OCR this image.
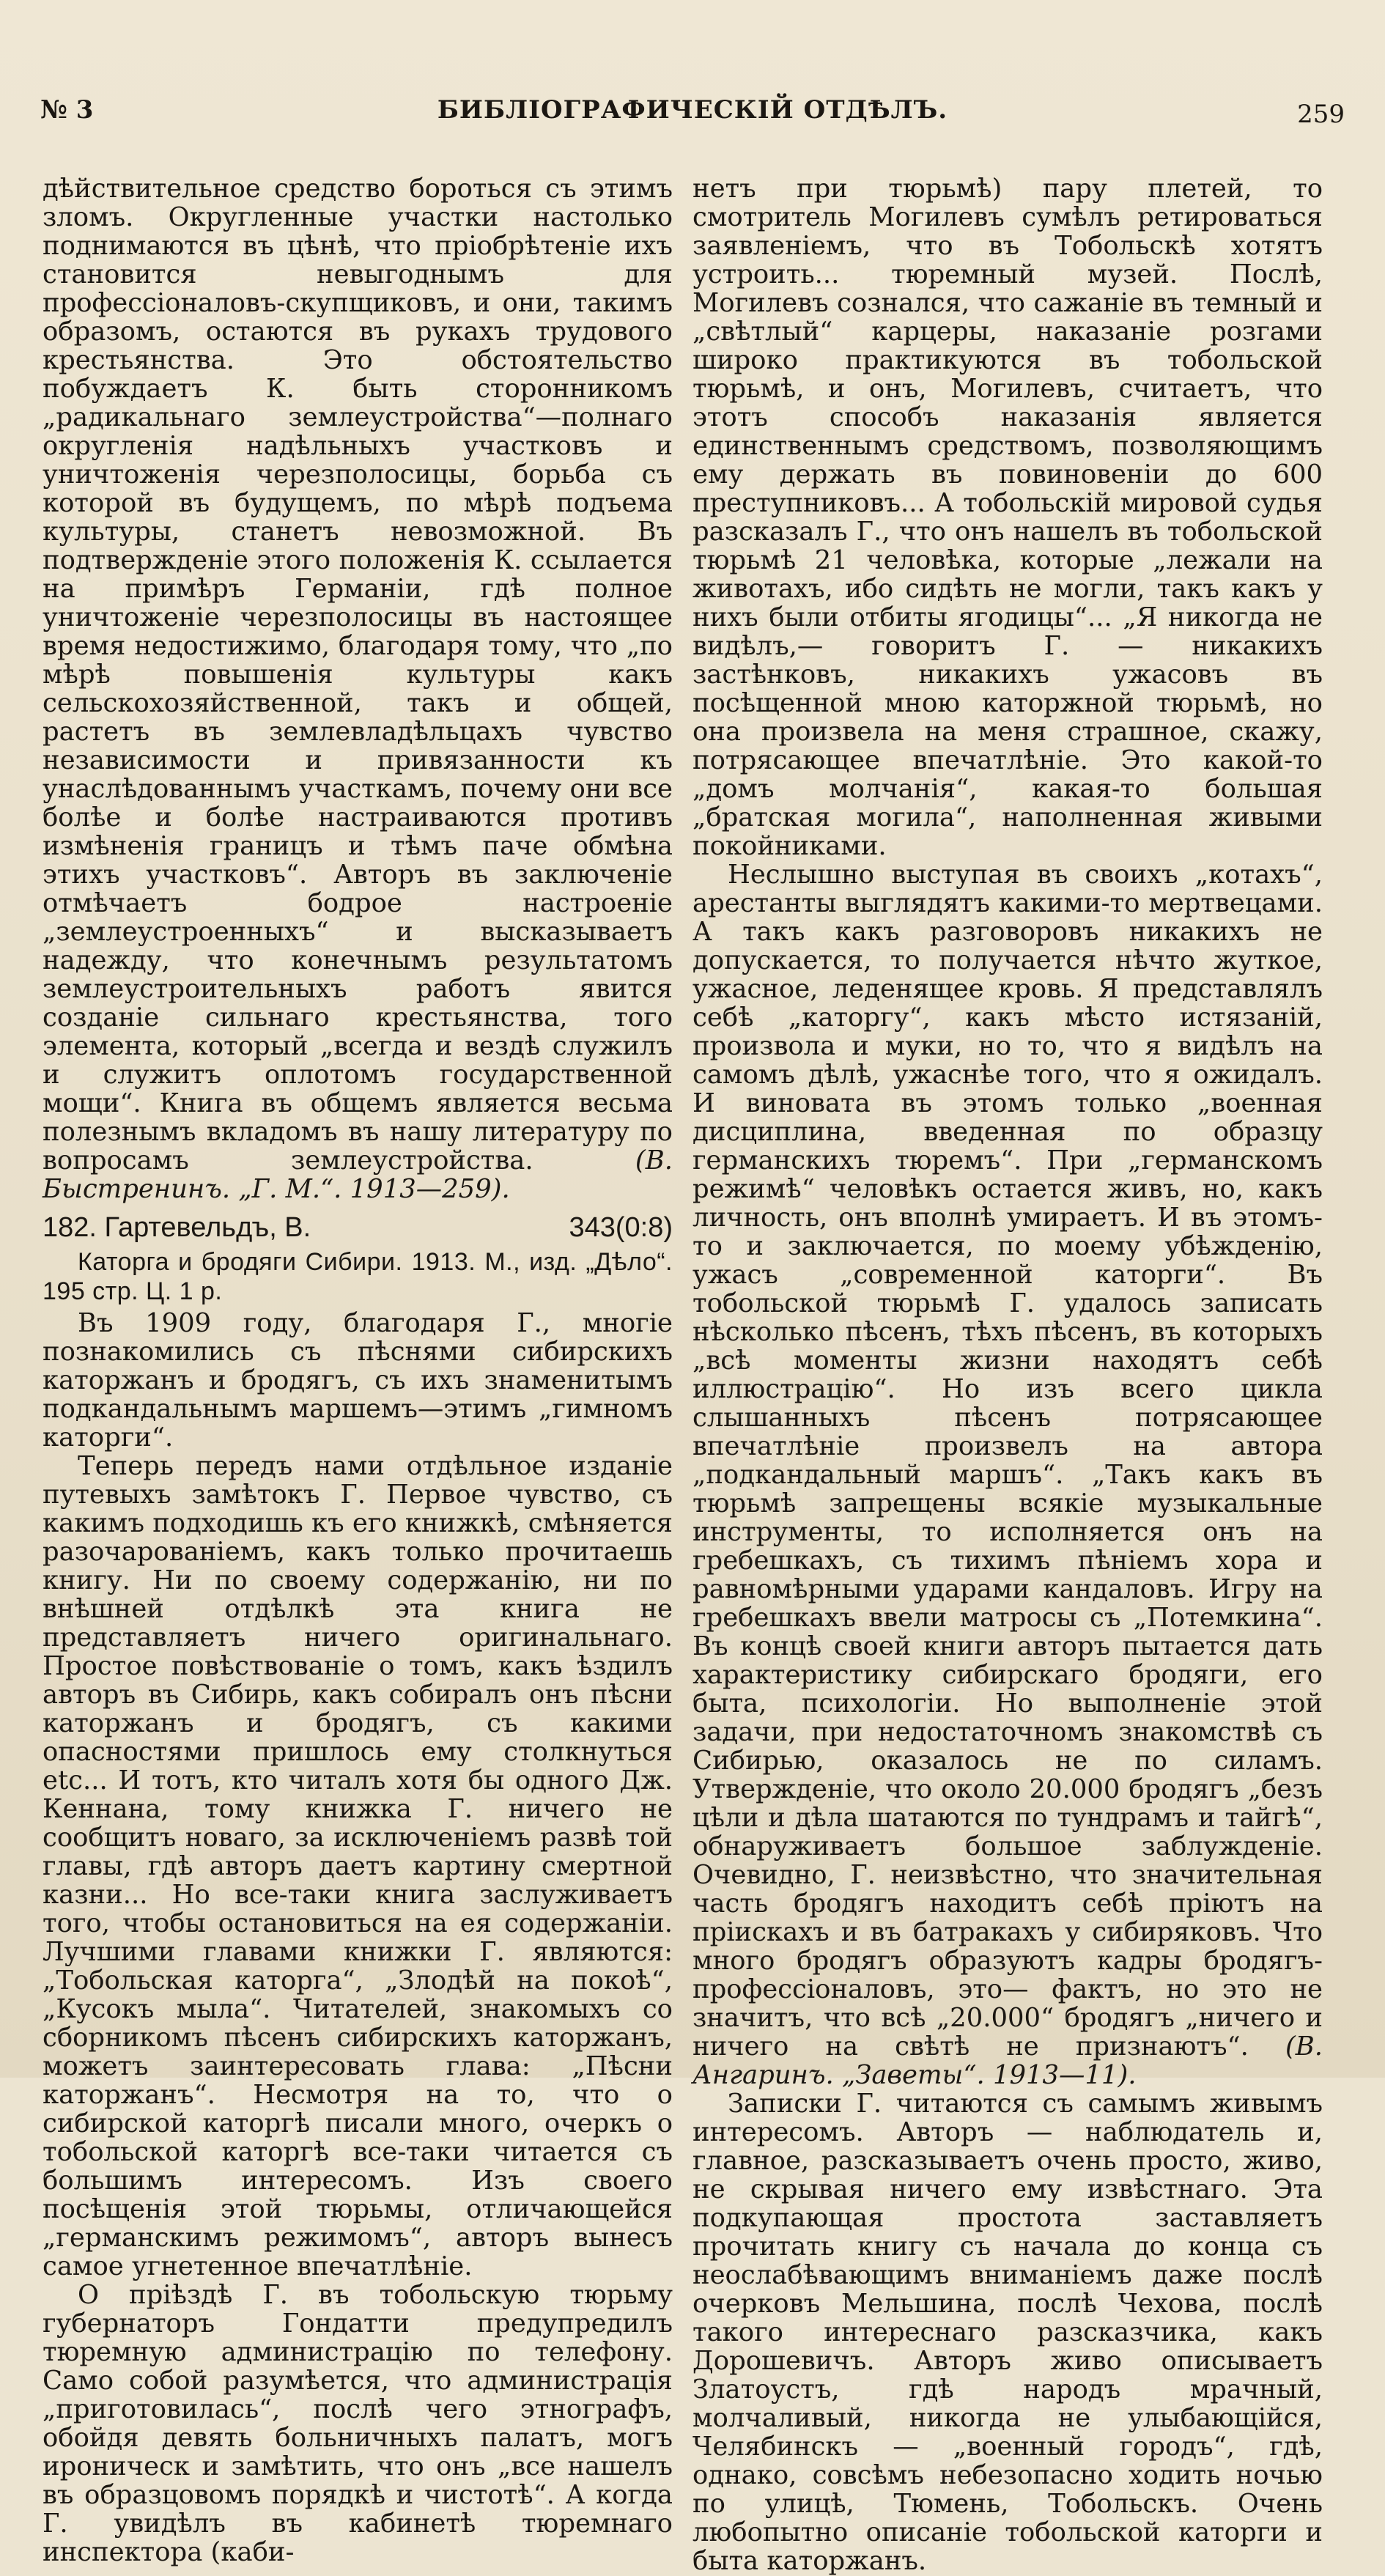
№ 3	БИБЛІОГРАФИЧЕСКІЙ ОТДѢЛЪ.	259

дѣйствительное средство бороться съ этимъ зломъ. Округленные участки настолько поднимаются въ цѣнѣ, что пріобрѣтеніе ихъ становится невыгоднымъ для профессіоналовъ-скупщиковъ, и они, такимъ образомъ, остаются въ рукахъ трудового крестьянства. Это обстоятельство побуждаетъ К. быть сторонникомъ „радикальнаго землеустройства“—полнаго округленія надѣльныхъ участковъ и уничтоженія черезполосицы, борьба съ которой въ будущемъ, по мѣрѣ подъема культуры, станетъ невозможной. Въ подтвержденіе этого положенія К. ссылается на примѣръ Германіи, гдѣ полное уничтоженіе черезполосицы въ настоящее время недостижимо, благодаря тому, что „по мѣрѣ повышенія культуры какъ сельскохозяйственной, такъ и общей, растетъ въ землевладѣльцахъ чувство независимости и привязанности къ унаслѣдованнымъ участкамъ, почему они все болѣе и болѣе настраиваются противъ измѣненія границъ и тѣмъ паче обмѣна этихъ участковъ“. Авторъ въ заключеніе отмѣчаетъ бодрое настроеніе „землеустроенныхъ“ и высказываетъ надежду, что конечнымъ результатомъ землеустроительныхъ работъ явится созданіе сильнаго крестьянства, того элемента, который „всегда и вездѣ служилъ и служитъ оплотомъ государственной мощи“. Книга въ общемъ является весьма полезнымъ вкладомъ въ нашу литературу по вопросамъ землеустройства.	(В. Быстренинъ. „Г. М.“. 1913—259).

182. Гартевельдъ, В.	343(0:8)
Каторга и бродяги Сибири. 1913. М., изд. „Дѣло“. 195 стр. Ц. 1 р.

Въ 1909 году, благодаря Г., многіе познакомились съ пѣснями сибирскихъ каторжанъ и бродягъ, съ ихъ знаменитымъ подкандальнымъ маршемъ—этимъ „гимномъ каторги“.

Теперь передъ нами отдѣльное изданіе путевыхъ замѣтокъ Г. Первое чувство, съ какимъ подходишь къ его книжкѣ, смѣняется разочарованіемъ, какъ только прочитаешь книгу. Ни по своему содержанію, ни по внѣшней отдѣлкѣ эта книга не представляетъ ничего оригинальнаго. Простое повѣствованіе о томъ, какъ ѣздилъ авторъ въ Сибирь, какъ собиралъ онъ пѣсни каторжанъ и бродягъ, съ какими опасностями пришлось ему столкнуться etc... И тотъ, кто читалъ хотя бы одного Дж. Кеннана, тому книжка Г. ничего не сообщитъ новаго, за исключеніемъ развѣ той главы, гдѣ авторъ даетъ картину смертной казни... Но все-таки книга заслуживаетъ того, чтобы остановиться на ея содержаніи. Лучшими главами книжки Г. являются: „Тобольская каторга“, „Злодѣй на покоѣ“, „Кусокъ мыла“. Читателей, знакомыхъ со сборникомъ пѣсенъ сибирскихъ каторжанъ, можетъ заинтересовать глава: „Пѣсни каторжанъ“. Несмотря на то, что о сибирской каторгѣ писали много, очеркъ о тобольской каторгѣ все-таки читается съ большимъ интересомъ. Изъ своего посѣщенія этой тюрьмы, отличающейся „германскимъ режимомъ“, авторъ вынесъ самое угнетенное впечатлѣніе.

О пріѣздѣ Г. въ тобольскую тюрьму губернаторъ Гондатти предупредилъ тюремную администрацію по телефону. Само собой разумѣется, что администрація „приготовилась“, послѣ чего этнографъ, обойдя девять больничныхъ палатъ, могъ ироническ и замѣтить, что онъ „все нашелъ въ образцовомъ порядкѣ и чистотѣ“. А когда Г. увидѣлъ въ кабинетѣ тюремнаго инспектора (каби-

нетъ при тюрьмѣ) пару плетей, то смотритель Могилевъ сумѣлъ ретироваться заявленіемъ, что въ Тобольскѣ хотятъ устроить... тюремный музей. Послѣ, Могилевъ сознался, что сажаніе въ темный и „свѣтлый“ карцеры, наказаніе розгами широко практикуются въ тобольской тюрьмѣ, и онъ, Могилевъ, считаетъ, что этотъ способъ наказанія является единственнымъ средствомъ, позволяющимъ ему держать въ повиновеніи до 600 преступниковъ... А тобольскій мировой судья разсказалъ Г., что онъ нашелъ въ тобольской тюрьмѣ 21 человѣка, которые „лежали на животахъ, ибо сидѣть не могли, такъ какъ у нихъ были отбиты ягодицы“... „Я никогда не видѣлъ,— говоритъ Г. — никакихъ застѣнковъ, никакихъ ужасовъ въ посѣщенной мною каторжной тюрьмѣ, но она произвела на меня страшное, скажу, потрясающее впечатлѣніе. Это какой-то „домъ молчанія“, какая-то большая „братская могила“, наполненная живыми покойниками.

Неслышно выступая въ своихъ „котахъ“, арестанты выглядятъ какими-то мертвецами. А такъ какъ разговоровъ никакихъ не допускается, то получается нѣчто жуткое, ужасное, леденящее кровь. Я представлялъ себѣ „каторгу“, какъ мѣсто истязаній, произвола и муки, но то, что я видѣлъ на самомъ дѣлѣ, ужаснѣе того, что я ожидалъ. И виновата въ этомъ только „военная дисциплина, введенная по образцу германскихъ тюремъ“. При „германскомъ режимѣ“ человѣкъ остается живъ, но, какъ личность, онъ вполнѣ умираетъ. И въ этомъ-то и заключается, по моему убѣжденію, ужасъ „современной каторги“. Въ тобольской тюрьмѣ Г. удалось записать нѣсколько пѣсенъ, тѣхъ пѣсенъ, въ которыхъ „всѣ моменты жизни находятъ себѣ иллюстрацію“. Но изъ всего цикла слышанныхъ пѣсенъ потрясающее впечатлѣніе произвелъ на автора „подкандальный маршъ“. „Такъ какъ въ тюрьмѣ запрещены всякіе музыкальные инструменты, то исполняется онъ на гребешкахъ, съ тихимъ пѣніемъ хора и равномѣрными ударами кандаловъ. Игру на гребешкахъ ввели матросы съ „Потемкина“. Въ концѣ своей книги авторъ пытается дать характеристику сибирскаго бродяги, его быта, психологіи. Но выполненіе этой задачи, при недостаточномъ знакомствѣ съ Сибирью, оказалось не по силамъ. Утвержденіе, что около 20.000 бродягъ „безъ цѣли и дѣла шатаются по тундрамъ и тайгѣ“, обнаруживаетъ большое заблужденіе. Очевидно, Г. неизвѣстно, что значительная часть бродягъ находитъ себѣ пріютъ на пріискахъ и въ батракахъ у сибиряковъ. Что много бродягъ образуютъ кадры бродягъ-профессіоналовъ, это— фактъ, но это не значитъ, что всѣ „20.000“ бродягъ „ничего и ничего на свѣтѣ не признаютъ“. (В. Ангаринъ. „Заветы“. 1913—11).

Записки Г. читаются съ самымъ живымъ интересомъ. Авторъ — наблюдатель и, главное, разсказываетъ очень просто, живо, не скрывая ничего ему извѣстнаго. Эта подкупающая простота заставляетъ прочитать книгу съ начала до конца съ неослабѣвающимъ вниманіемъ даже послѣ очерковъ Мельшина, послѣ Чехова, послѣ такого интереснаго разсказчика, какъ Дорошевичъ. Авторъ живо описываетъ Златоустъ, гдѣ народъ мрачный, молчаливый, никогда не улыбающійся, Челябинскъ — „военный городъ“, гдѣ, однако, совсѣмъ небезопасно ходить ночью по улицѣ, Тюмень, Тобольскъ. Очень любопытно описаніе тобольской каторги и быта каторжанъ.
